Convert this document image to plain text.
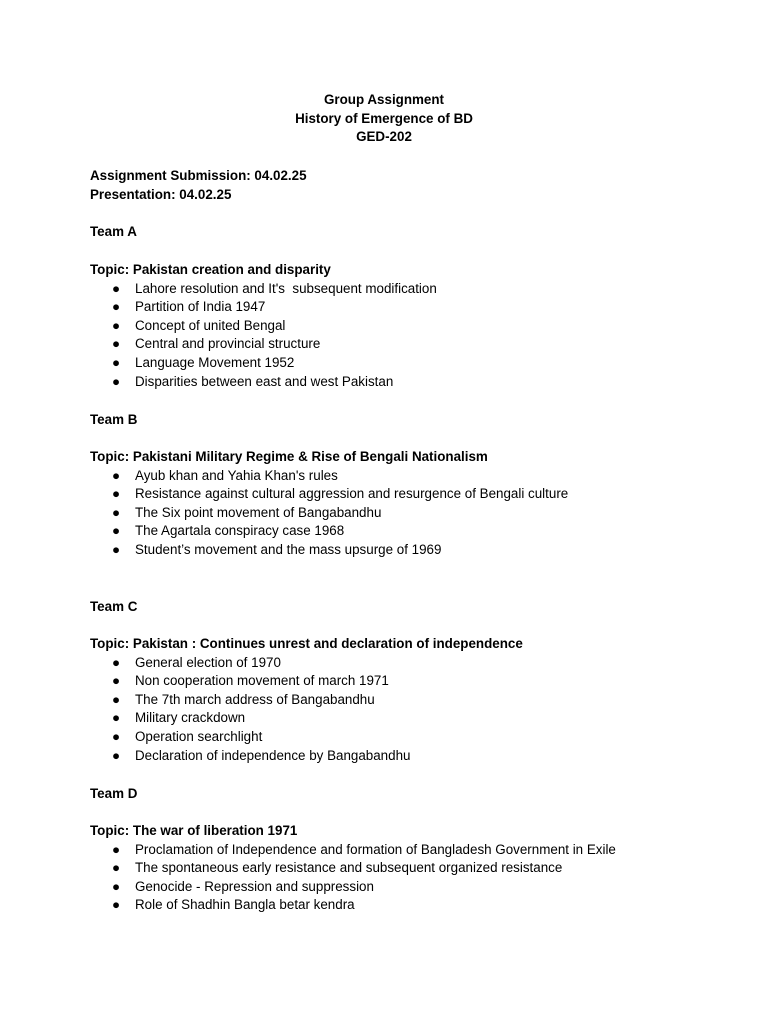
Group Assignment
History of Emergence of BD
GED-202
Assignment Submission: 04.02.25
Presentation: 04.02.25
Team A
Topic: Pakistan creation and disparity
● Lahore resolution and It's  subsequent modification
● Partition of India 1947
● Concept of united Bengal
● Central and provincial structure
● Language Movement 1952
● Disparities between east and west Pakistan
Team B
Topic: Pakistani Military Regime & Rise of Bengali Nationalism
● Ayub khan and Yahia Khan's rules
● Resistance against cultural aggression and resurgence of Bengali culture
● The Six point movement of Bangabandhu
● The Agartala conspiracy case 1968
● Student’s movement and the mass upsurge of 1969
Team C
Topic: Pakistan : Continues unrest and declaration of independence
● General election of 1970
● Non cooperation movement of march 1971
● The 7th march address of Bangabandhu
● Military crackdown
● Operation searchlight
● Declaration of independence by Bangabandhu
Team D
Topic: The war of liberation 1971
● Proclamation of Independence and formation of Bangladesh Government in Exile
● The spontaneous early resistance and subsequent organized resistance
● Genocide - Repression and suppression
● Role of Shadhin Bangla betar kendra
